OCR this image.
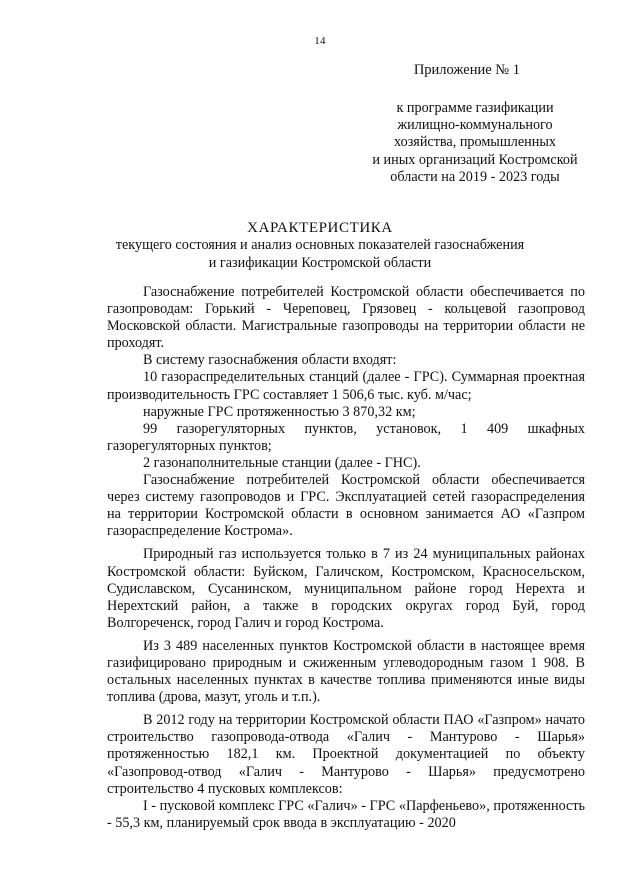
14
Приложение № 1
к программе газификации
жилищно-коммунального
хозяйства, промышленных
и иных организаций Костромской
области на 2019 - 2023 годы
ХАРАКТЕРИСТИКА
текущего состояния и анализ основных показателей газоснабжения
и газификации Костромской области

Газоснабжение потребителей Костромской области обеспечивается по газопроводам: Горький - Череповец, Грязовец - кольцевой газопровод Московской области. Магистральные газопроводы на территории области не проходят.

В систему газоснабжения области входят:

10 газораспределительных станций (далее - ГРС). Суммарная проектная производительность ГРС составляет 1 506,6 тыс. куб. м/час;

наружные ГРС протяженностью 3 870,32 км;

99 газорегуляторных пунктов, установок, 1 409 шкафных газорегуляторных пунктов;

2 газонаполнительные станции (далее - ГНС).

Газоснабжение потребителей Костромской области обеспечивается через систему газопроводов и ГРС. Эксплуатацией сетей газораспределения на территории Костромской области в основном занимается АО «Газпром газораспределение Кострома».

Природный газ используется только в 7 из 24 муниципальных районах Костромской области: Буйском, Галичском, Костромском, Красносельском, Судиславском, Сусанинском, муниципальном районе город Нерехта и Нерехтский район, а также в городских округах город Буй, город Волгореченск, город Галич и город Кострома.

Из 3 489 населенных пунктов Костромской области в настоящее время газифицировано природным и сжиженным углеводородным газом 1 908. В остальных населенных пунктах в качестве топлива применяются иные виды топлива (дрова, мазут, уголь и т.п.).

В 2012 году на территории Костромской области ПАО «Газпром» начато строительство газопровода-отвода «Галич - Мантурово - Шарья» протяженностью 182,1 км. Проектной документацией по объекту «Газопровод-отвод «Галич - Мантурово - Шарья» предусмотрено строительство 4 пусковых комплексов:

I - пусковой комплекс ГРС «Галич» - ГРС «Парфеньево», протяженность - 55,3 км, планируемый срок ввода в эксплуатацию - 2020
